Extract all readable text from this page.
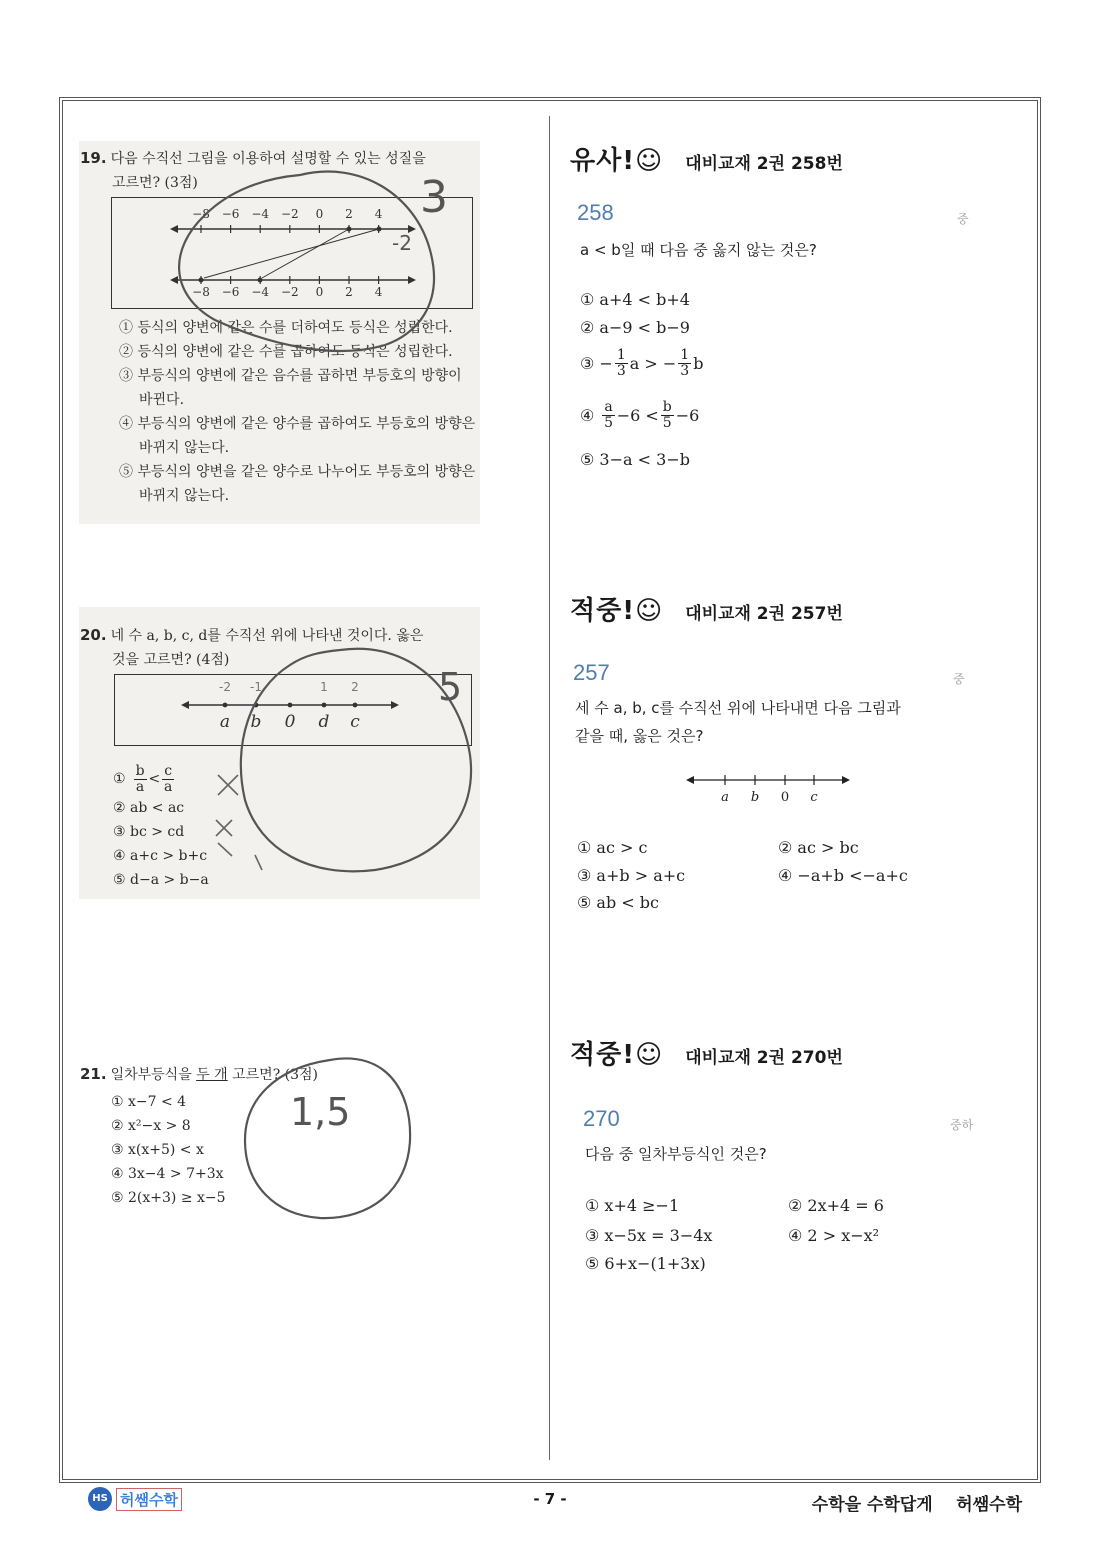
19. 다음 수직선 그림을 이용하여 설명할 수 있는 성질을
고르면? (3점)
−8 −6 −4 −2 0 2 4
−8 −6 −4 −2 0 2 4
① 등식의 양변에 같은 수를 더하여도 등식은 성립한다.
② 등식의 양변에 같은 수를 곱하여도 등식은 성립한다.
③ 부등식의 양변에 같은 음수를 곱하면 부등호의 방향이 바뀐다.
④ 부등식의 양변에 같은 양수를 곱하여도 부등호의 방향은 바뀌지 않는다.
⑤ 부등식의 양변을 같은 양수로 나누어도 부등호의 방향은 바뀌지 않는다.
20. 네 수 a, b, c, d를 수직선 위에 나타낸 것이다. 옳은
것을 고르면? (4점)
a b 0 d c
-2 -1	1 2
① $\frac{b}{a} < \frac{c}{a}$
② ab < ac
③ bc > cd
④ a+c > b+c
⑤ d−a > b−a
21. 일차부등식을 두 개 고르면? (3점)
① x−7 < 4
② x²−x > 8
③ x(x+5) < x
④ 3x−4 > 7+3x
⑤ 2(x+3) ≥ x−5
유사!☺ 대비교재 2권 258번
258	중
a < b일 때 다음 중 옳지 않는 것은?
① a+4 < b+4
② a−9 < b−9
③ − $\frac{1}{3}$ a > − $\frac{1}{3}$ b
④ $\frac{a}{5} -6 < \frac{b}{5} -6$
⑤ 3−a < 3−b
적중!☺ 대비교재 2권 257번
257	중
세 수 a, b, c를 수직선 위에 나타내면 다음 그림과
같을 때, 옳은 것은?
a b 0 c
① ac > c	② ac > bc
③ a+b > a+c	④ −a+b <−a+c
⑤ ab < bc
적중!☺ 대비교재 2권 270번
270	중하
다음 중 일차부등식인 것은?
① x+4 ≥−1	② 2x+4 = 6
③ x−5x = 3−4x	④ 2 > x−x²
⑤ 6+x−(1+3x)
3
-2
5
1,5
HS 허쌤수학	- 7 -	수학을 수학답게    허쌤수학
